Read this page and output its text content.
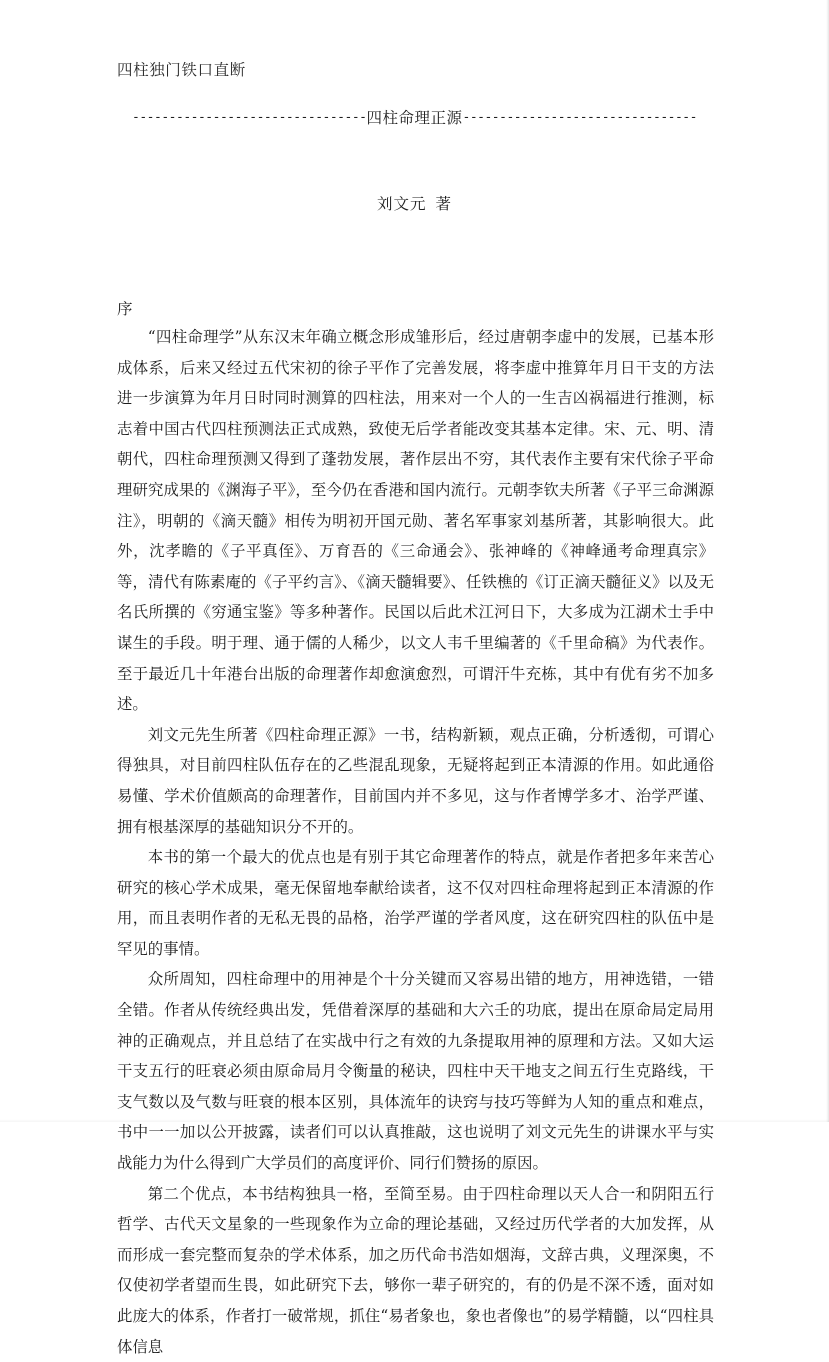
四柱独门铁口直断
--------------------------------四柱命理正源--------------------------------
刘文元 著
序

“四柱命理学”从东汉末年确立概念形成雏形后，经过唐朝李虚中的发展，已基本形成体系，后来又经过五代宋初的徐子平作了完善发展，将李虚中推算年月日干支的方法进一步演算为年月日时同时测算的四柱法，用来对一个人的一生吉凶祸福进行推测，标志着中国古代四柱预测法正式成熟，致使无后学者能改变其基本定律。宋、元、明、清朝代，四柱命理预测又得到了蓬勃发展，著作层出不穷，其代表作主要有宋代徐子平命理研究成果的《渊海子平》，至今仍在香港和国内流行。元朝李钦夫所著《子平三命渊源注》，明朝的《滴天髓》相传为明初开国元勋、著名军事家刘基所著，其影响很大。此外，沈孝瞻的《子平真侄》、万育吾的《三命通会》、张神峰的《神峰通考命理真宗》等，清代有陈素庵的《子平约言》、《滴天髓辑要》、任铁樵的《订正滴天髓征义》以及无名氏所撰的《穷通宝鉴》等多种著作。民国以后此术江河日下，大多成为江湖术士手中谋生的手段。明于理、通于儒的人稀少，以文人韦千里编著的《千里命稿》为代表作。至于最近几十年港台出版的命理著作却愈演愈烈，可谓汗牛充栋，其中有优有劣不加多述。

刘文元先生所著《四柱命理正源》一书，结构新颖，观点正确，分析透彻，可谓心得独具，对目前四柱队伍存在的乙些混乱现象，无疑将起到正本清源的作用。如此通俗易懂、学术价值颇高的命理著作，目前国内并不多见，这与作者博学多才、治学严谨、拥有根基深厚的基础知识分不开的。

本书的第一个最大的优点也是有别于其它命理著作的特点，就是作者把多年来苦心研究的核心学术成果，毫无保留地奉献给读者，这不仅对四柱命理将起到正本清源的作用，而且表明作者的无私无畏的品格，治学严谨的学者风度，这在研究四柱的队伍中是罕见的事情。

众所周知，四柱命理中的用神是个十分关键而又容易出错的地方，用神选错，一错全错。作者从传统经典出发，凭借着深厚的基础和大六壬的功底，提出在原命局定局用神的正确观点，并且总结了在实战中行之有效的九条提取用神的原理和方法。又如大运干支五行的旺衰必须由原命局月令衡量的秘诀，四柱中天干地支之间五行生克路线，干支气数以及气数与旺衰的根本区别，具体流年的诀窍与技巧等鲜为人知的重点和难点，书中一一加以公开披露，读者们可以认真推敲，这也说明了刘文元先生的讲课水平与实战能力为什么得到广大学员们的高度评价、同行们赞扬的原因。

第二个优点，本书结构独具一格，至简至易。由于四柱命理以天人合一和阴阳五行哲学、古代天文星象的一些现象作为立命的理论基础，又经过历代学者的大加发挥，从而形成一套完整而复杂的学术体系，加之历代命书浩如烟海，文辞古典，义理深奥，不仅使初学者望而生畏，如此研究下去，够你一辈子研究的，有的仍是不深不透，面对如此庞大的体系，作者打一破常规，抓住“易者象也，象也者像也”的易学精髓，以“四柱具体信息
